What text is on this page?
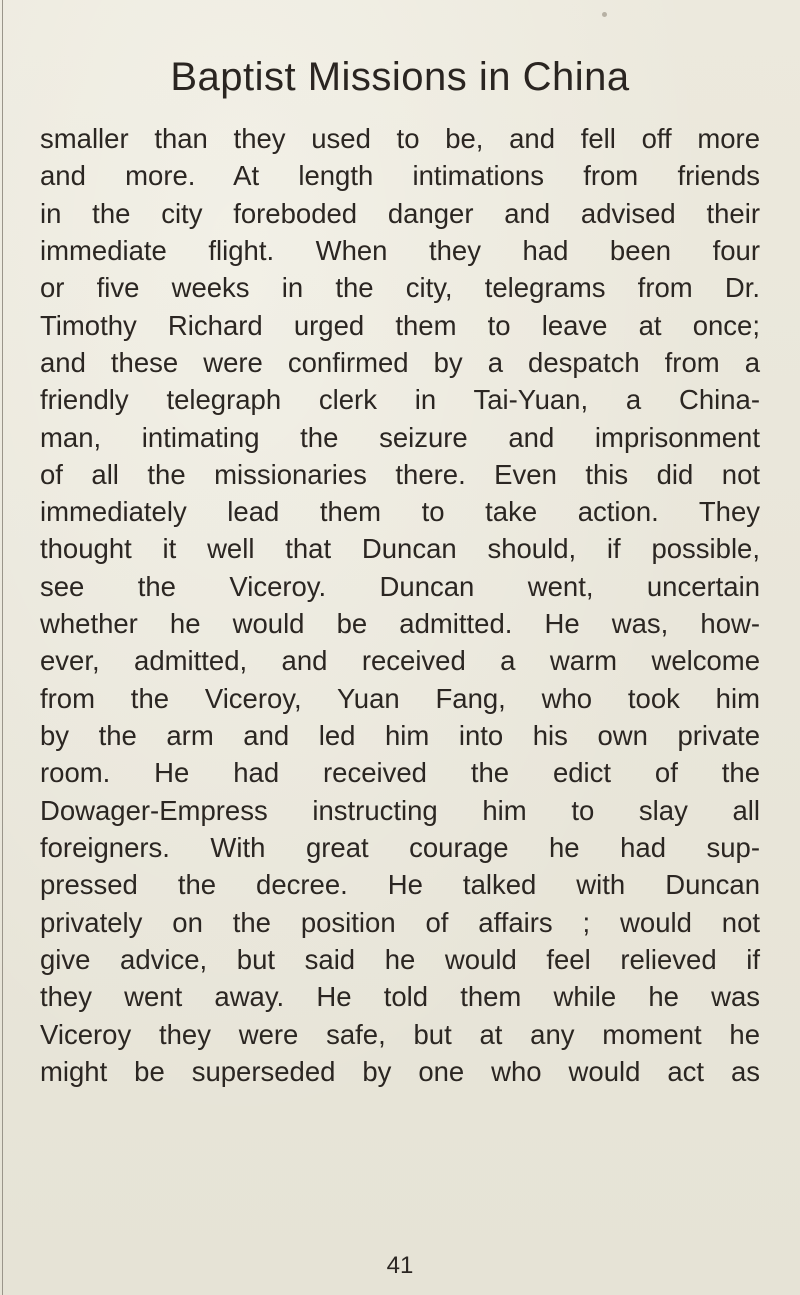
Baptist Missions in China
smaller than they used to be, and fell off more
and more. At length intimations from friends
in the city foreboded danger and advised their
immediate flight. When they had been four
or five weeks in the city, telegrams from Dr.
Timothy Richard urged them to leave at once;
and these were confirmed by a despatch from a
friendly telegraph clerk in Tai-Yuan, a China-
man, intimating the seizure and imprisonment
of all the missionaries there. Even this did not
immediately lead them to take action. They
thought it well that Duncan should, if possible,
see the Viceroy. Duncan went, uncertain
whether he would be admitted. He was, how-
ever, admitted, and received a warm welcome
from the Viceroy, Yuan Fang, who took him
by the arm and led him into his own private
room. He had received the edict of the
Dowager-Empress instructing him to slay all
foreigners. With great courage he had sup-
pressed the decree. He talked with Duncan
privately on the position of affairs ; would not
give advice, but said he would feel relieved if
they went away. He told them while he was
Viceroy they were safe, but at any moment he
might be superseded by one who would act as
41
